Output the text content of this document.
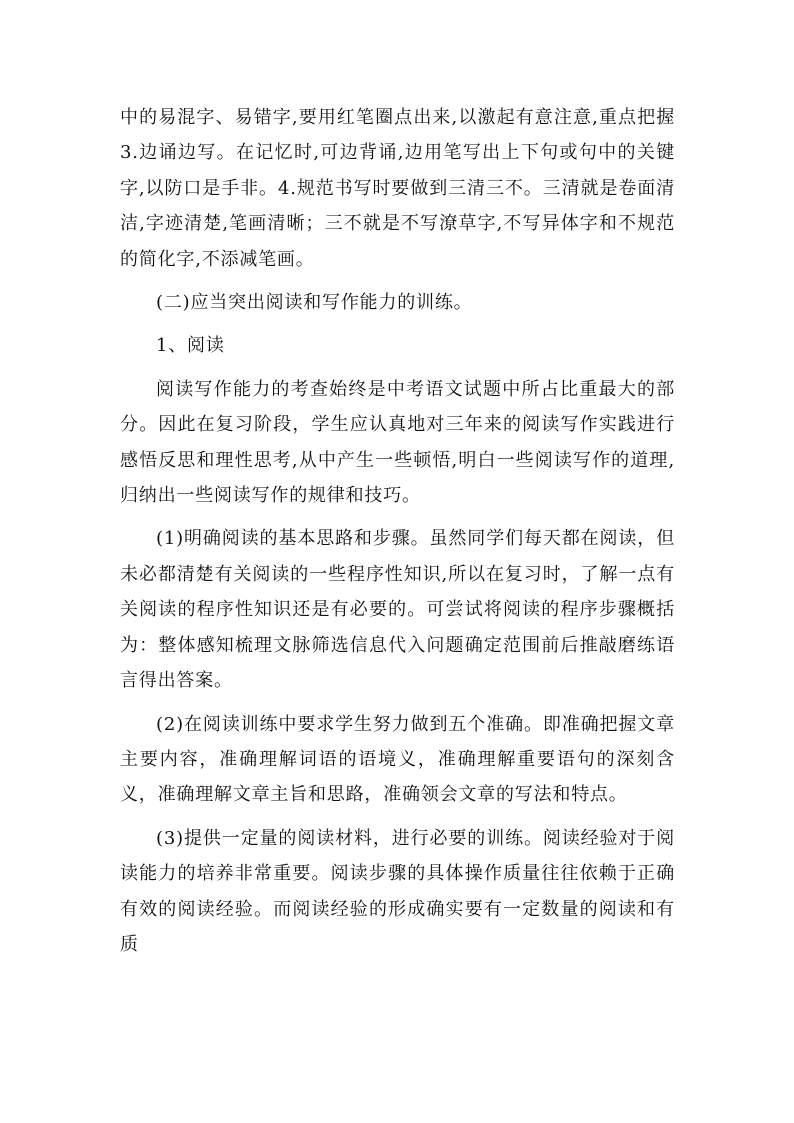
中的易混字、易错字,要用红笔圈点出来,以激起有意注意,重点把握3.边诵边写。在记忆时,可边背诵,边用笔写出上下句或句中的关键字,以防口是手非。4.规范书写时要做到三清三不。三清就是卷面清洁,字迹清楚,笔画清晰；三不就是不写潦草字,不写异体字和不规范的简化字,不添减笔画。

(二)应当突出阅读和写作能力的训练。

1、阅读

阅读写作能力的考查始终是中考语文试题中所占比重最大的部分。因此在复习阶段，学生应认真地对三年来的阅读写作实践进行感悟反思和理性思考,从中产生一些顿悟,明白一些阅读写作的道理,归纳出一些阅读写作的规律和技巧。

(1)明确阅读的基本思路和步骤。虽然同学们每天都在阅读，但未必都清楚有关阅读的一些程序性知识,所以在复习时，了解一点有关阅读的程序性知识还是有必要的。可尝试将阅读的程序步骤概括为：整体感知梳理文脉筛选信息代入问题确定范围前后推敲磨练语言得出答案。

(2)在阅读训练中要求学生努力做到五个准确。即准确把握文章主要内容，准确理解词语的语境义，准确理解重要语句的深刻含义，准确理解文章主旨和思路，准确领会文章的写法和特点。

(3)提供一定量的阅读材料，进行必要的训练。阅读经验对于阅读能力的培养非常重要。阅读步骤的具体操作质量往往依赖于正确有效的阅读经验。而阅读经验的形成确实要有一定数量的阅读和有质
